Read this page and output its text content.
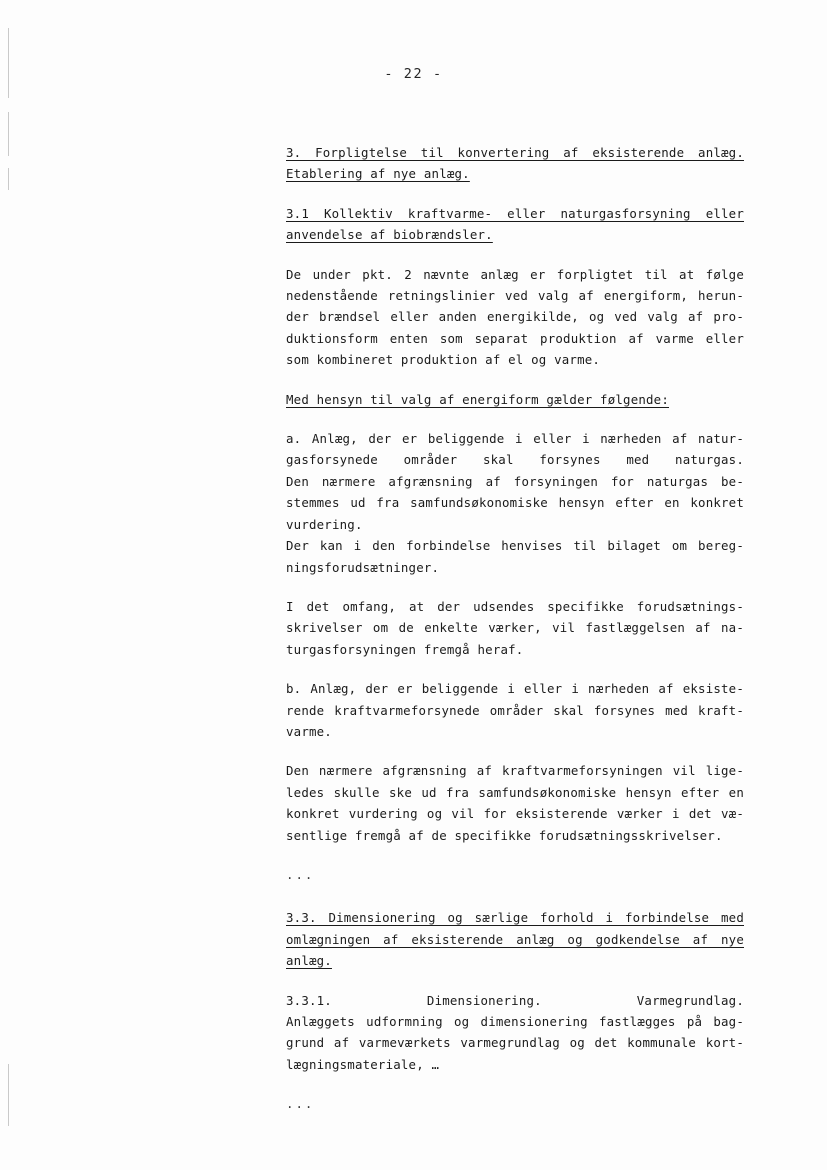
- 22 -
3. Forpligtelse til konvertering af eksisterende anlæg.
Etablering af nye anlæg.
3.1 Kollektiv kraftvarme- eller naturgasforsyning eller
anvendelse af biobrændsler.
De under pkt. 2 nævnte anlæg er forpligtet til at følge
nedenstående retningslinier ved valg af energiform, herun-
der brændsel eller anden energikilde, og ved valg af pro-
duktionsform enten som separat produktion af varme eller
som kombineret produktion af el og varme.
Med hensyn til valg af energiform gælder følgende:
a. Anlæg, der er beliggende i eller i nærheden af natur-
gasforsynede områder skal forsynes med naturgas.
Den nærmere afgrænsning af forsyningen for naturgas be-
stemmes ud fra samfundsøkonomiske hensyn efter en konkret
vurdering.
Der kan i den forbindelse henvises til bilaget om bereg-
ningsforudsætninger.
I det omfang, at der udsendes specifikke forudsætnings-
skrivelser om de enkelte værker, vil fastlæggelsen af na-
turgasforsyningen fremgå heraf.
b. Anlæg, der er beliggende i eller i nærheden af eksiste-
rende kraftvarmeforsynede områder skal forsynes med kraft-
varme.
Den nærmere afgrænsning af kraftvarmeforsyningen vil lige-
ledes skulle ske ud fra samfundsøkonomiske hensyn efter en
konkret vurdering og vil for eksisterende værker i det væ-
sentlige fremgå af de specifikke forudsætningsskrivelser.
...
3.3. Dimensionering og særlige forhold i forbindelse med
omlægningen af eksisterende anlæg og godkendelse af nye
anlæg.
3.3.1. Dimensionering. Varmegrundlag.
Anlæggets udformning og dimensionering fastlægges på bag-
grund af varmeværkets varmegrundlag og det kommunale kort-
lægningsmateriale, …
...
